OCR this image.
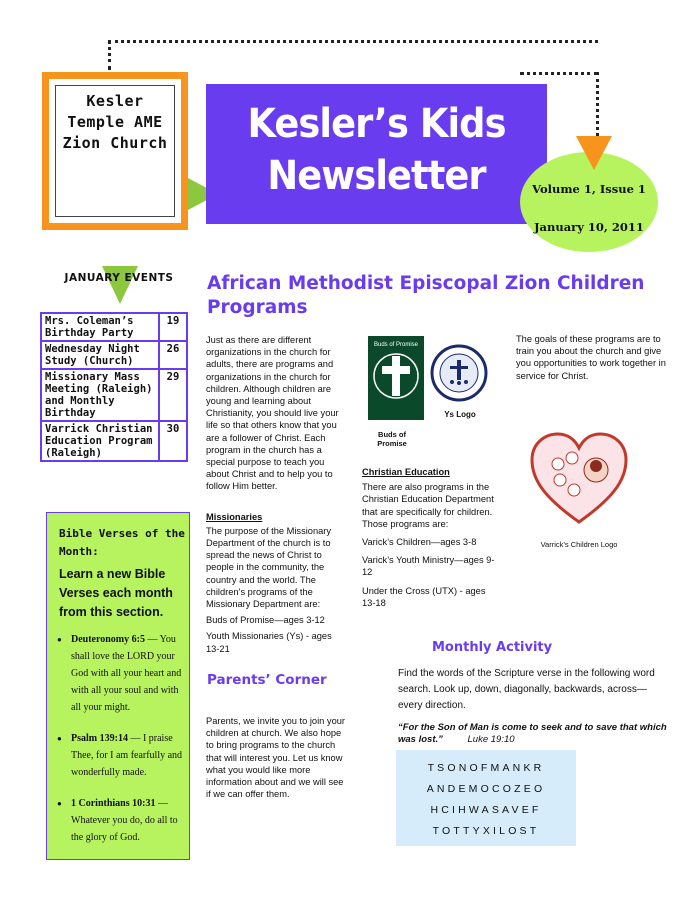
Kesler
Temple AME
Zion Church	Kesler’s Kids
Newsletter	Volume 1, Issue 1
January 10, 2011
JANUARY EVENTS
Mrs. Coleman’s Birthday Party	19
Wednesday Night Study (Church)	26
Missionary Mass Meeting (Raleigh) and Monthly Birthday	29
Varrick Christian Education Program (Raleigh)	30
Bible Verses of the Month:
Learn a new Bible Verses each month from this section.
● Deuteronomy 6:5 — You shall love the LORD your God with all your heart and with all your soul and with all your might.
● Psalm 139:14 — I praise Thee, for I am fearfully and wonderfully made.
● 1 Corinthians 10:31 — Whatever you do, do all to the glory of God.
African Methodist Episcopal Zion Children Programs

Just as there are different organizations in the church for adults, there are programs and organizations in the church for children. Although children are young and learning about Christianity, you should live your life so that others know that you are a follower of Christ. Each program in the church has a special purpose to teach you about Christ and to help you to follow Him better.

Missionaries

The purpose of the Missionary Department of the church is to spread the news of Christ to people in the community, the country and the world. The children’s programs of the Missionary Department are:

Buds of Promise—ages 3-12

Youth Missionaries (Ys) - ages 13-21

Buds of Promise
Buds of Promise
Ys Logo
Christian Education

There are also programs in the Christian Education Department that are specifically for children. Those programs are:

Varick’s Children—ages 3-8

Varick’s Youth Ministry—ages 9-12

Under the Cross (UTX) - ages 13-18

The goals of these programs are to train you about the church and give you opportunities to work together in service for Christ.
Varrick’s Children Logo
Parents’ Corner
Parents, we invite you to join your children at church. We also hope to bring programs to the church that will interest you. Let us know what you would like more information about and we will see if we can offer them.
Monthly Activity
Find the words of the Scripture verse in the following word search. Look up, down, diagonally, backwards, across— every direction.
“For the Son of Man is come to seek and to save that which was lost.”	Luke 19:10
TSONOFMANKR
ANDEMOCOZEO
HCIHWASAVEF
TOTTYXILOST
